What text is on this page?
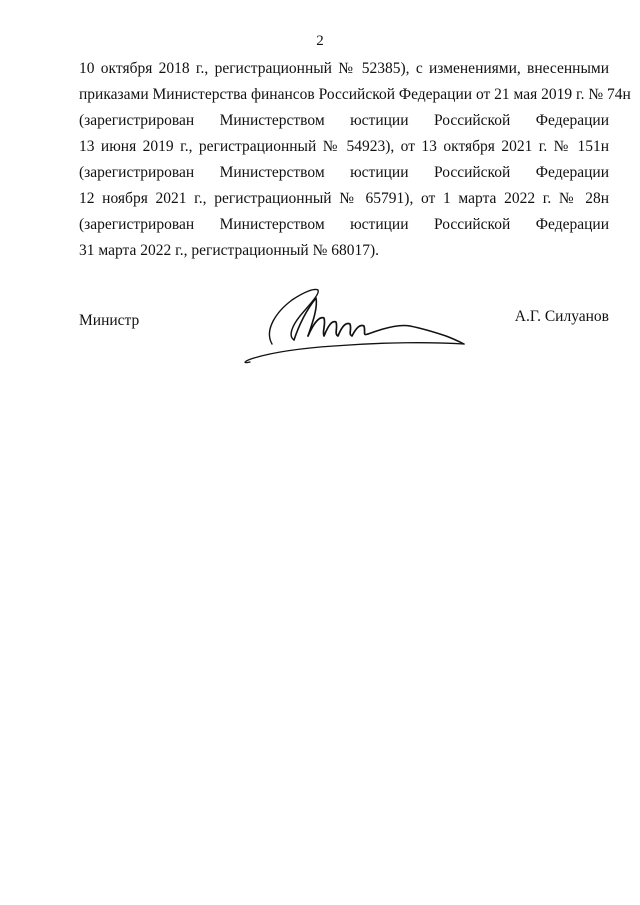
2
10 октября 2018 г., регистрационный № 52385), с изменениями, внесенными
приказами Министерства финансов Российской Федерации от 21 мая 2019 г. № 74н
(зарегистрирован Министерством юстиции Российской Федерации
13 июня 2019 г., регистрационный № 54923), от 13 октября 2021 г. № 151н
(зарегистрирован Министерством юстиции Российской Федерации
12 ноября 2021 г., регистрационный № 65791), от 1 марта 2022 г. № 28н
(зарегистрирован Министерством юстиции Российской Федерации
31 марта 2022 г., регистрационный № 68017).
Министр	А.Г. Силуанов
